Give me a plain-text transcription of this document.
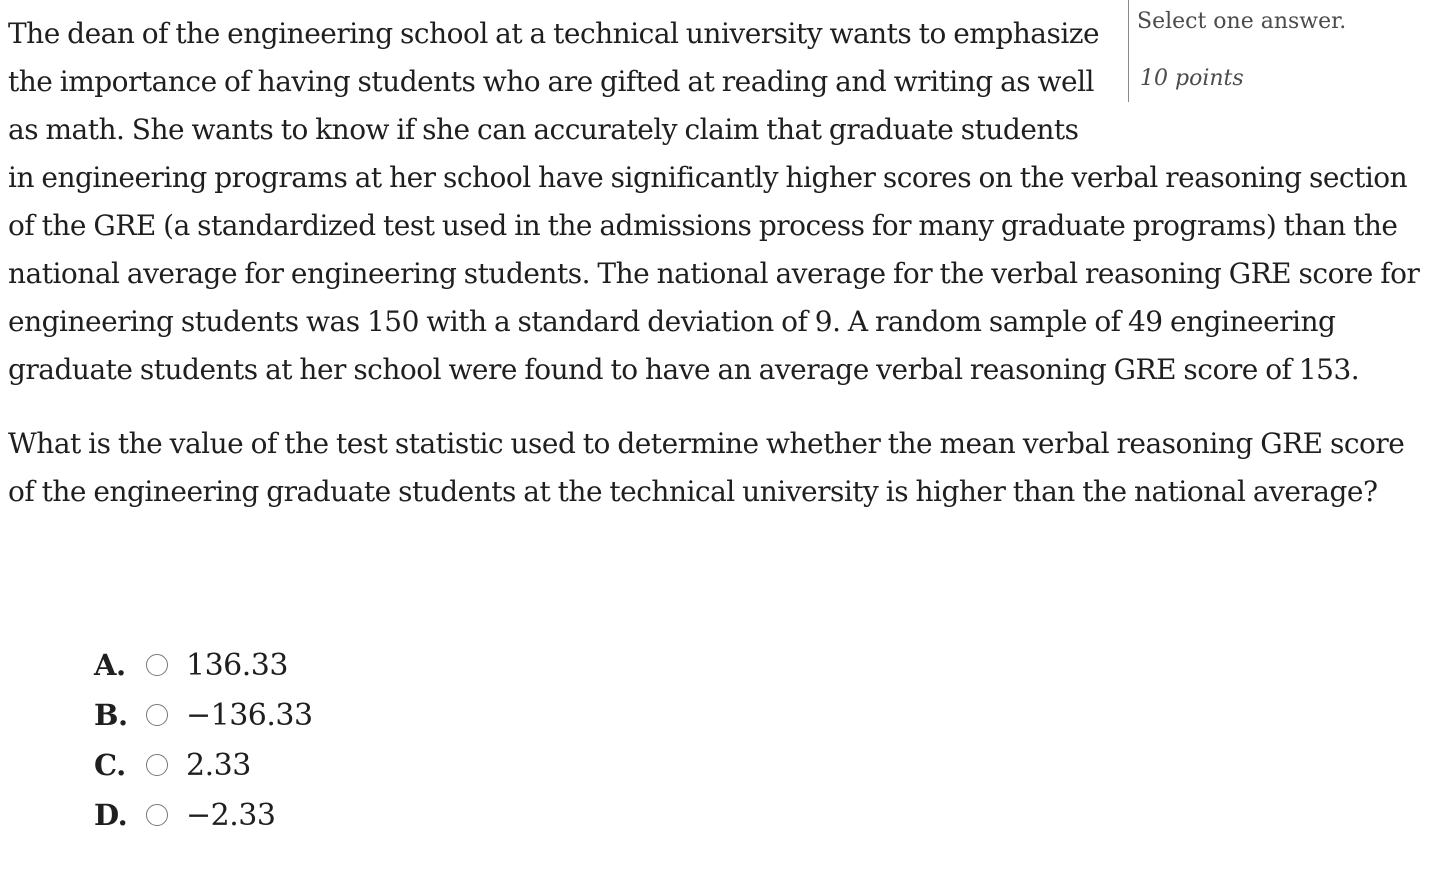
Select one answer.
10 points

The dean of the engineering school at a technical university wants to emphasize the importance of having students who are gifted at reading and writing as well as math. She wants to know if she can accurately claim that graduate students in engineering programs at her school have significantly higher scores on the verbal reasoning section of the GRE (a standardized test used in the admissions process for many graduate programs) than the national average for engineering students. The national average for the verbal reasoning GRE score for engineering students was 150 with a standard deviation of 9. A random sample of 49 engineering graduate students at her school were found to have an average verbal reasoning GRE score of 153.

What is the value of the test statistic used to determine whether the mean verbal reasoning GRE score of the engineering graduate students at the technical university is higher than the national average?

A.	136.33
B.	−136.33
C.	2.33
D.	−2.33
